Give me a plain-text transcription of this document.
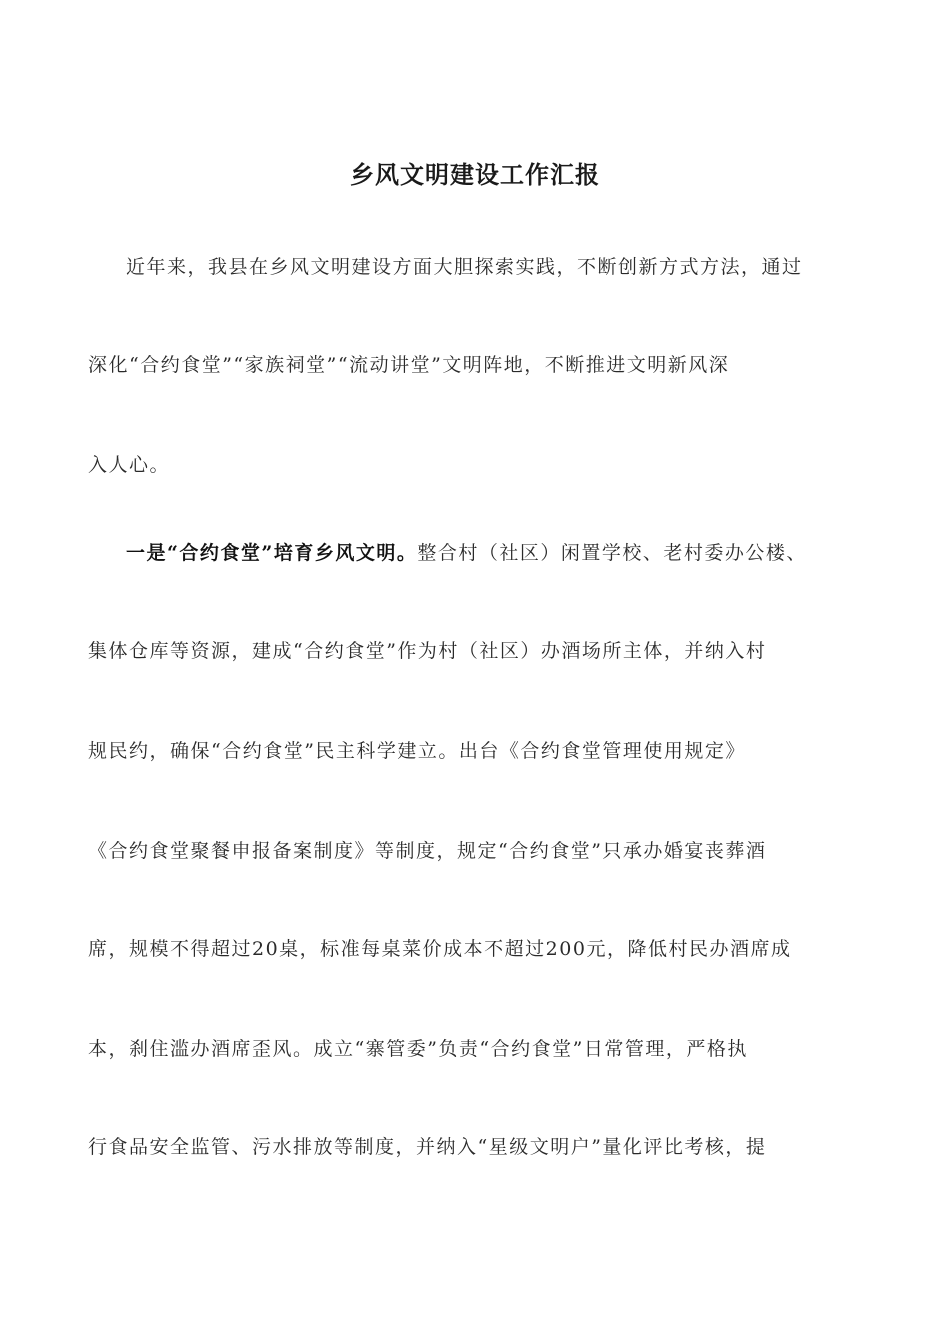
乡风文明建设工作汇报
近年来，我县在乡风文明建设方面大胆探索实践，不断创新方式方法，通过
深化“合约食堂”“家族祠堂”“流动讲堂”文明阵地，不断推进文明新风深
入人心。
一是“合约食堂”培育乡风文明。整合村（社区）闲置学校、老村委办公楼、
集体仓库等资源，建成“合约食堂”作为村（社区）办酒场所主体，并纳入村
规民约，确保“合约食堂”民主科学建立。出台《合约食堂管理使用规定》
《合约食堂聚餐申报备案制度》等制度，规定“合约食堂”只承办婚宴丧葬酒
席，规模不得超过20桌，标准每桌菜价成本不超过200元，降低村民办酒席成
本，刹住滥办酒席歪风。成立“寨管委”负责“合约食堂”日常管理，严格执
行食品安全监管、污水排放等制度，并纳入“星级文明户”量化评比考核，提
